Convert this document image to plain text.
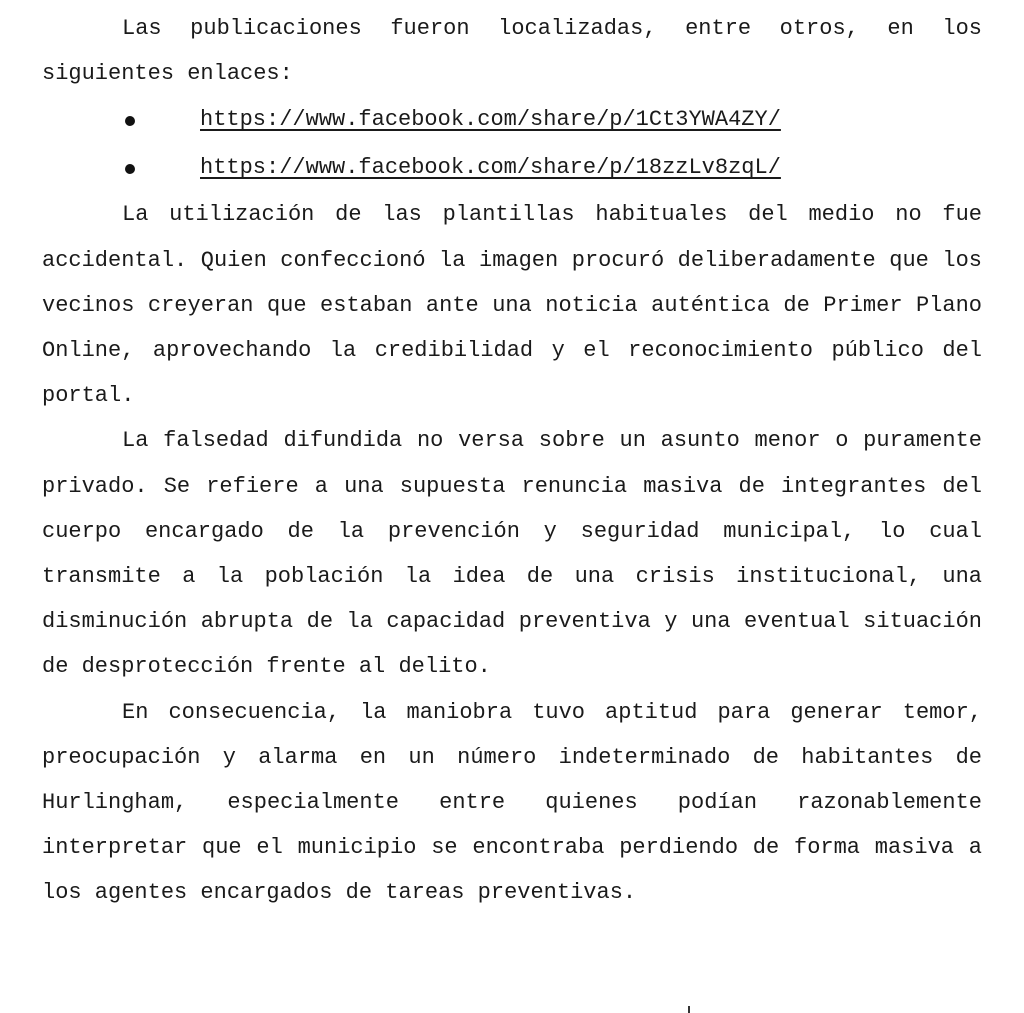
Las publicaciones fueron localizadas, entre otros, en los siguientes enlaces:

https://www.facebook.com/share/p/1Ct3YWA4ZY/
https://www.facebook.com/share/p/18zzLv8zqL/

La utilización de las plantillas habituales del medio no fue accidental. Quien confeccionó la imagen procuró deliberadamente que los vecinos creyeran que estaban ante una noticia auténtica de Primer Plano Online, aprovechando la credibilidad y el reconocimiento público del portal.

La falsedad difundida no versa sobre un asunto menor o puramente privado. Se refiere a una supuesta renuncia masiva de integrantes del cuerpo encargado de la prevención y seguridad municipal, lo cual transmite a la población la idea de una crisis institucional, una disminución abrupta de la capacidad preventiva y una eventual situación de desprotección frente al delito.

En consecuencia, la maniobra tuvo aptitud para generar temor, preocupación y alarma en un número indeterminado de habitantes de Hurlingham, especialmente entre quienes podían razonablemente interpretar que el municipio se encontraba perdiendo de forma masiva a los agentes encargados de tareas preventivas.
